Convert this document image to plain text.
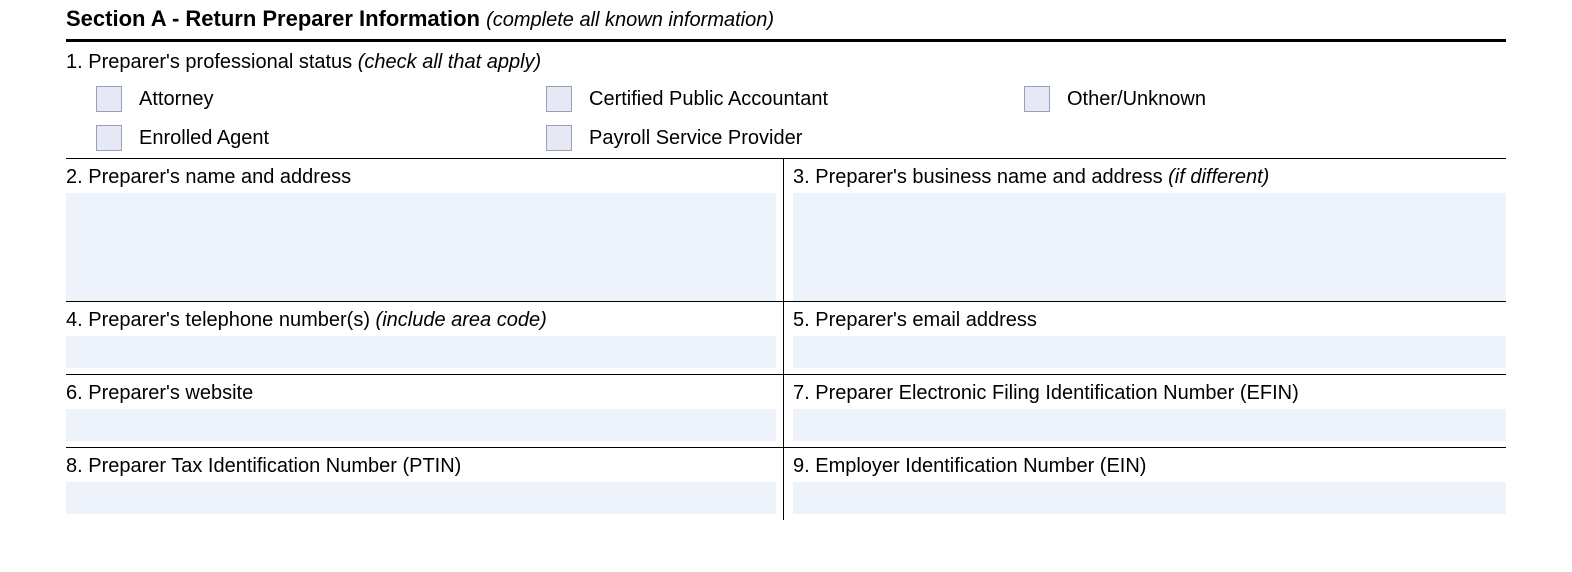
Section A - Return Preparer Information (complete all known information)
1. Preparer's professional status (check all that apply)
Attorney	Certified Public Accountant	Other/Unknown
Enrolled Agent	Payroll Service Provider
2. Preparer's name and address	3. Preparer's business name and address (if different)
4. Preparer's telephone number(s) (include area code)	5. Preparer's email address
6. Preparer's website	7. Preparer Electronic Filing Identification Number (EFIN)
8. Preparer Tax Identification Number (PTIN)	9. Employer Identification Number (EIN)
